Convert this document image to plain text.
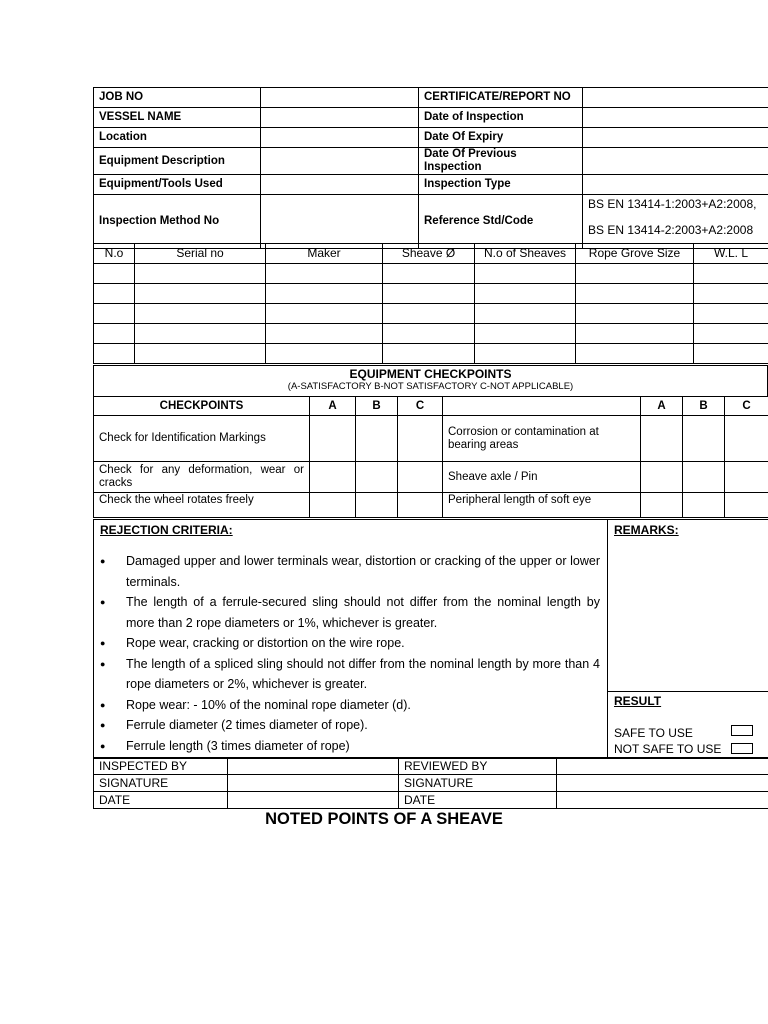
JOB NO		CERTIFICATE/REPORT NO	
VESSEL NAME		Date of Inspection	
Location		Date Of Expiry	
Equipment Description		Date Of Previous Inspection	
Equipment/Tools Used		Inspection Type	
Inspection Method No		Reference Std/Code	BS EN 13414-1:2003+A2:2008,
BS EN 13414-2:2003+A2:2008
N.o	Serial no	Maker	Sheave Ø	N.o of Sheaves	Rope Grove Size	W.L. L

EQUIPMENT CHECKPOINTS
(A-SATISFACTORY B-NOT SATISFACTORY C-NOT APPLICABLE)
CHECKPOINTS	A	B	C		A	B	C
Check for Identification Markings				Corrosion or contamination at bearing areas			
Check for any deformation, wear or cracks				Sheave axle / Pin			
Check the wheel rotates freely				Peripheral length of soft eye			
REJECTION CRITERIA:
● Damaged upper and lower terminals wear, distortion or cracking of the upper or lower terminals.
● The length of a ferrule-secured sling should not differ from the nominal length by more than 2 rope diameters or 1%, whichever is greater.
● Rope wear, cracking or distortion on the wire rope.
● The length of a spliced sling should not differ from the nominal length by more than 4 rope diameters or 2%, whichever is greater.
● Rope wear: - 10% of the nominal rope diameter (d).
● Ferrule diameter (2 times diameter of rope).
● Ferrule length (3 times diameter of rope)
REMARKS:
RESULT
SAFE TO USE
NOT SAFE TO USE
INSPECTED BY		REVIEWED BY	
SIGNATURE		SIGNATURE	
DATE		DATE	
NOTED POINTS OF A SHEAVE
